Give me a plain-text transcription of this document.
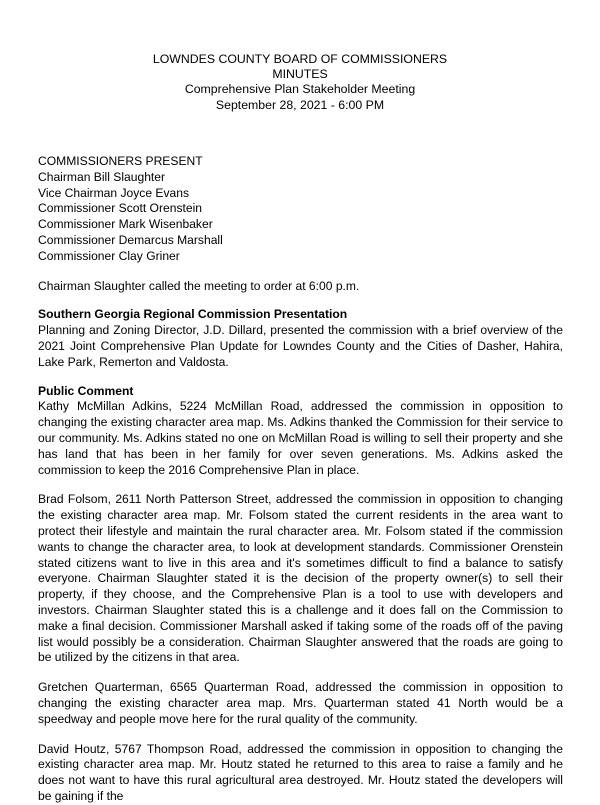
LOWNDES COUNTY BOARD OF COMMISSIONERS
MINUTES
Comprehensive Plan Stakeholder Meeting
September 28, 2021 - 6:00 PM
COMMISSIONERS PRESENT
Chairman Bill Slaughter
Vice Chairman Joyce Evans
Commissioner Scott Orenstein
Commissioner Mark Wisenbaker
Commissioner Demarcus Marshall
Commissioner Clay Griner
Chairman Slaughter called the meeting to order at 6:00 p.m.
Southern Georgia Regional Commission Presentation
Planning and Zoning Director, J.D. Dillard, presented the commission with a brief overview of the 2021 Joint Comprehensive Plan Update for Lowndes County and the Cities of Dasher, Hahira, Lake Park, Remerton and Valdosta.
Public Comment
Kathy McMillan Adkins, 5224 McMillan Road, addressed the commission in opposition to changing the existing character area map. Ms. Adkins thanked the Commission for their service to our community. Ms. Adkins stated no one on McMillan Road is willing to sell their property and she has land that has been in her family for over seven generations. Ms. Adkins asked the commission to keep the 2016 Comprehensive Plan in place.
Brad Folsom, 2611 North Patterson Street, addressed the commission in opposition to changing the existing character area map. Mr. Folsom stated the current residents in the area want to protect their lifestyle and maintain the rural character area. Mr. Folsom stated if the commission wants to change the character area, to look at development standards. Commissioner Orenstein stated citizens want to live in this area and it's sometimes difficult to find a balance to satisfy everyone. Chairman Slaughter stated it is the decision of the property owner(s) to sell their property, if they choose, and the Comprehensive Plan is a tool to use with developers and investors. Chairman Slaughter stated this is a challenge and it does fall on the Commission to make a final decision. Commissioner Marshall asked if taking some of the roads off of the paving list would possibly be a consideration. Chairman Slaughter answered that the roads are going to be utilized by the citizens in that area.
Gretchen Quarterman, 6565 Quarterman Road, addressed the commission in opposition to changing the existing character area map. Mrs. Quarterman stated 41 North would be a speedway and people move here for the rural quality of the community.
David Houtz, 5767 Thompson Road, addressed the commission in opposition to changing the existing character area map. Mr. Houtz stated he returned to this area to raise a family and he does not want to have this rural agricultural area destroyed. Mr. Houtz stated the developers will be gaining if the
